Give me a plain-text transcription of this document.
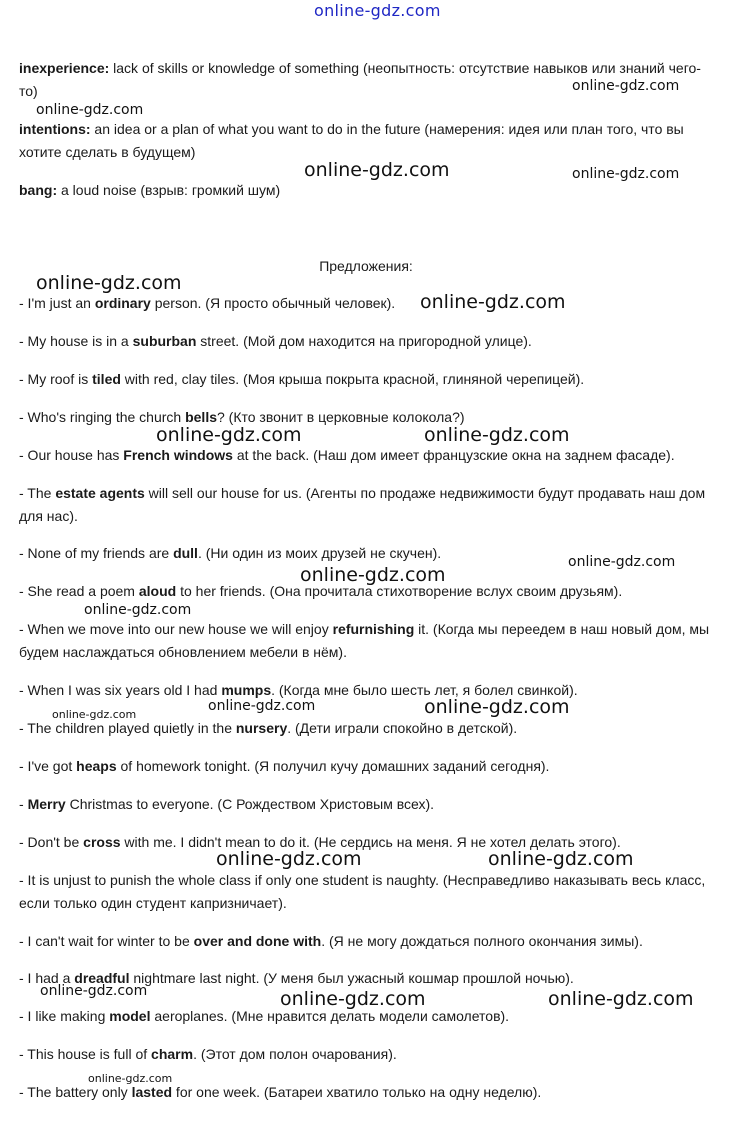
online-gdz.com
inexperience: lack of skills or knowledge of something (неопытность: отсутствие навыков или знаний чего-то)
intentions: an idea or a plan of what you want to do in the future (намерения: идея или план того, что вы хотите сделать в будущем)
bang: a loud noise (взрыв: громкий шум)
Предложения:
- I'm just an ordinary person. (Я просто обычный человек).
- My house is in a suburban street. (Мой дом находится на пригородной улице).
- My roof is tiled with red, clay tiles. (Моя крыша покрыта красной, глиняной черепицей).
- Who's ringing the church bells? (Кто звонит в церковные колокола?)
- Our house has French windows at the back. (Наш дом имеет французские окна на заднем фасаде).
- The estate agents will sell our house for us. (Агенты по продаже недвижимости будут продавать наш дом для нас).
- None of my friends are dull. (Ни один из моих друзей не скучен).
- She read a poem aloud to her friends. (Она прочитала стихотворение вслух своим друзьям).
- When we move into our new house we will enjoy refurnishing it. (Когда мы переедем в наш новый дом, мы будем наслаждаться обновлением мебели в нём).
- When I was six years old I had mumps. (Когда мне было шесть лет, я болел свинкой).
- The children played quietly in the nursery. (Дети играли спокойно в детской).
- I've got heaps of homework tonight. (Я получил кучу домашних заданий сегодня).
- Merry Christmas to everyone. (С Рождеством Христовым всех).
- Don't be cross with me. I didn't mean to do it. (Не сердись на меня. Я не хотел делать этого).
- It is unjust to punish the whole class if only one student is naughty. (Несправедливо наказывать весь класс, если только один студент капризничает).
- I can't wait for winter to be over and done with. (Я не могу дождаться полного окончания зимы).
- I had a dreadful nightmare last night. (У меня был ужасный кошмар прошлой ночью).
- I like making model aeroplanes. (Мне нравится делать модели самолетов).
- This house is full of charm. (Этот дом полон очарования).
- The battery only lasted for one week. (Батареи хватило только на одну неделю).
online-gdz.com
online-gdz.com
online-gdz.com	online-gdz.com
online-gdz.com
online-gdz.com
online-gdz.com	online-gdz.com
online-gdz.com
online-gdz.com
online-gdz.com
online-gdz.com	online-gdz.com
online-gdz.com
online-gdz.com	online-gdz.com
online-gdz.com	online-gdz.com	online-gdz.com
online-gdz.com
